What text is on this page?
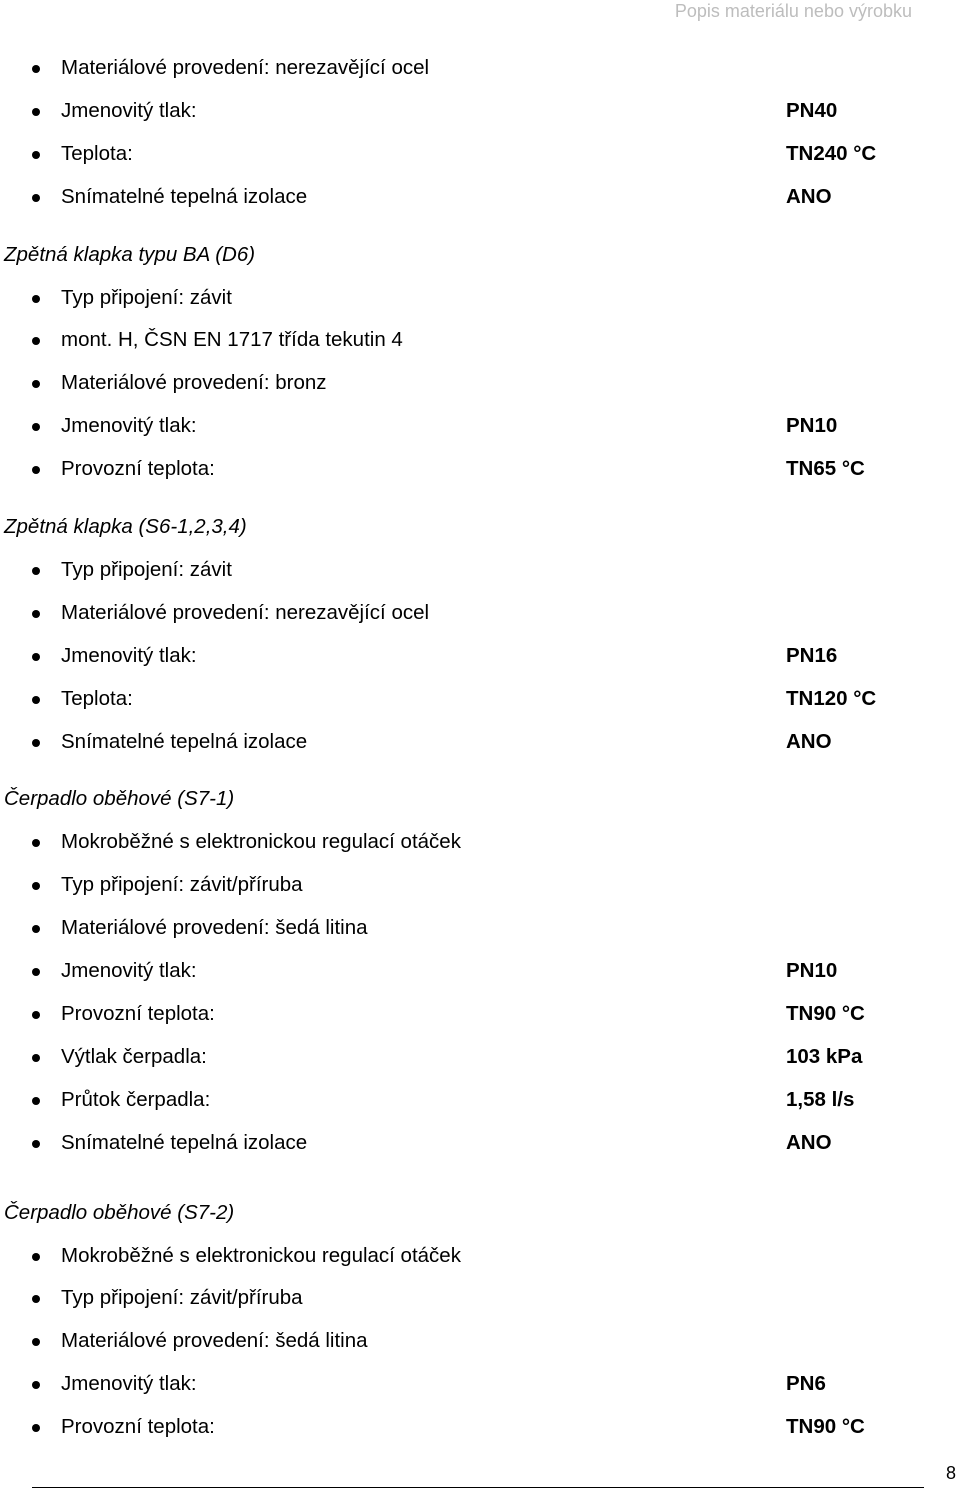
Popis materiálu nebo výrobku
Materiálové provedení: nerezavějící ocel
Jmenovitý tlak:	PN40
Teplota:	TN240 °C
Snímatelné tepelná izolace	ANO
Zpětná klapka typu BA (D6)
Typ připojení: závit
mont. H, ČSN EN 1717 třída tekutin 4
Materiálové provedení: bronz
Jmenovitý tlak:	PN10
Provozní teplota:	TN65 °C
Zpětná klapka (S6-1,2,3,4)
Typ připojení: závit
Materiálové provedení: nerezavějící ocel
Jmenovitý tlak:	PN16
Teplota:	TN120 °C
Snímatelné tepelná izolace	ANO
Čerpadlo oběhové (S7-1)
Mokroběžné s elektronickou regulací otáček
Typ připojení: závit/příruba
Materiálové provedení: šedá litina
Jmenovitý tlak:	PN10
Provozní teplota:	TN90 °C
Výtlak čerpadla:	103 kPa
Průtok čerpadla:	1,58 l/s
Snímatelné tepelná izolace	ANO
Čerpadlo oběhové (S7-2)
Mokroběžné s elektronickou regulací otáček
Typ připojení: závit/příruba
Materiálové provedení: šedá litina
Jmenovitý tlak:	PN6
Provozní teplota:	TN90 °C
8
